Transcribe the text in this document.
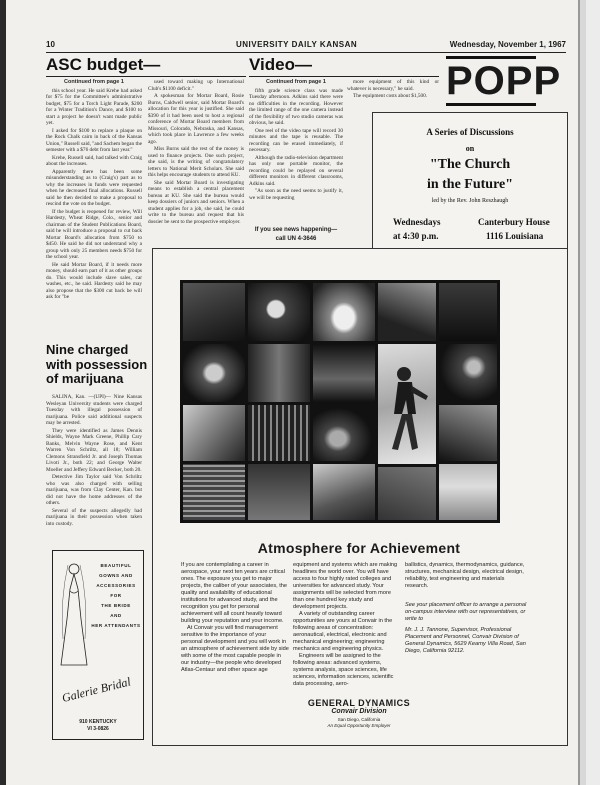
10	UNIVERSITY DAILY KANSAN	Wednesday, November 1, 1967
ASC budget—
Continued from page 1

this school year. He said Krehe had asked for $75 for the Committee's administrative budget, $75 for a Torch Light Parade, $200 for a Winter Tradition's Dance, and $100 to start a project he doesn't want made public yet.

I asked for $100 to replace a plaque on the Rock Chalk cairn in back of the Kansas Union," Russell said, "and Sachem began the semester with a $76 debt from last year."

Krehe, Russell said, had talked with Craig about the increases.

Apparently there has been some misunderstanding as to (Craig's) part as to why the increases in funds were requested when he decreased final allocations. Russell said he then decided to make a proposal to rescind the vote on the budget.

If the budget is reopened for review, Will Hardesty, Wheat Ridge, Colo., senior and chairman of the Student Publications Board, said he will introduce a proposal to cut back Mortar Board's allocation from $750 to $450. He said he did not understand why a group with only 25 members needs $750 for the school year.

He said Mortar Board, if it needs more money, should earn part of it as other groups do. This would include slave sales, car washes, etc., he said. Hardesty said he may also propose that the $300 cut back be will ask for "be

used toward making up International Club's $1100 deficit."

A spokesman for Mortar Board, Rosie Burns, Caldwell senior, said Mortar Board's allocation for this year is justified. She said $390 of it had been used to host a regional conference of Mortar Board members from Missouri, Colorado, Nebraska, and Kansas, which took place in Lawrence a few weeks ago.

Miss Burns said the rest of the money is used to finance projects. One such project, she said, is the writing of congratulatory letters to National Merit Scholars. She said this helps encourage students to attend KU.

She said Mortar Board is investigating means to establish a central placement bureau at KU. She said the bureau would keep dossiers of juniors and seniors. When a student applies for a job, she said, he could write to the bureau and request that his dossier be sent to the prospective employer.

Video—
Continued from page 1

fifth grade science class was made Tuesday afternoon. Adkins said there were no difficulties in the recording. However the limited range of the one camera instead of the flexibility of two studio cameras was obvious, he said.

One reel of the video tape will record 30 minutes and the tape is reusable. The recording can be erased immediately, if necessary.

Although the radio-television department has only one portable monitor, the recording could be replayed on several different monitors in different classrooms, Adkins said.

"As soon as the need seems to justify it, we will be requesting

more equipment of this kind or whatever is necessary," he said.

The equipment costs about $1,500.

If you see news happening—
call UN 4-3646
POPP
A Series of Discussions
on
"The Church
in the Future"
led by the Rev. John Reszhaugh
Wednesdays
at 4:30 p.m.
Canterbury House
1116 Louisiana
Nine charged
with possession
of marijuana

SALINA, Kan. —(UPI)— Nine Kansas Wesleyan University students were charged Tuesday with illegal possession of marijuana. Police said additional suspects may be arrested.

They were identified as James Dennis Shields, Wayne Mark Greene, Phillip Cary Banks, Melvin Wayne Rose, and Kent Warren Von Schriltz, all 18; William Clemons Stransfield Jr. and Joseph Thomas Livoti Jr., both 22; and George Walter Moeller and Jeffery Edward Becker, both 20.

Detective Jim Taylor said Von Schriltz who was also charged with selling marijuana, was from Clay Center, Kan. but did not have the home addresses of the others.

Several of the suspects allegedly had marijuana in their possession when taken into custody.

BEAUTIFUL
GOWNS AND
ACCESSORIES
FOR
THE BRIDE
AND
HER ATTENDANTS
Galerie Bridal
910 KENTUCKY
VI 3-0826
Atmosphere for Achievement
If you are contemplating a career in aerospace, your next ten years are critical ones. The exposure you get to major projects, the caliber of your associates, the quality and availability of educational institutions for advanced study, and the recognition you get for personal achievement will all count heavily toward building your reputation and your income.
At Convair you will find management sensitive to the importance of your personal development and you will work in an atmosphere of achievement side by side with some of the most capable people in our industry—the people who developed Atlas-Centaur and other space age
equipment and systems which are making headlines the world over. You will have access to four highly rated colleges and universities for advanced study. Your assignments will be selected from more than one hundred key study and development projects.
A variety of outstanding career opportunities are yours at Convair in the following areas of concentration: aeronautical, electrical, electronic and mechanical engineering; engineering mechanics and engineering physics.
Engineers will be assigned to the following areas: advanced systems, systems analysis, space sciences, life sciences, information sciences, scientific data processing, aero-
ballistics, dynamics, thermodynamics, guidance, structures, mechanical design, electrical design, reliability, test engineering and materials research.
See your placement officer to arrange a personal on-campus interview with our representatives, or write to
Mr. J. J. Tannone, Supervisor, Professional Placement and Personnel, Convair Division of General Dynamics, 5629 Kearny Villa Road, San Diego, California 92112.
GENERAL DYNAMICS
Convair Division
San Diego, California
An Equal Opportunity Employer
